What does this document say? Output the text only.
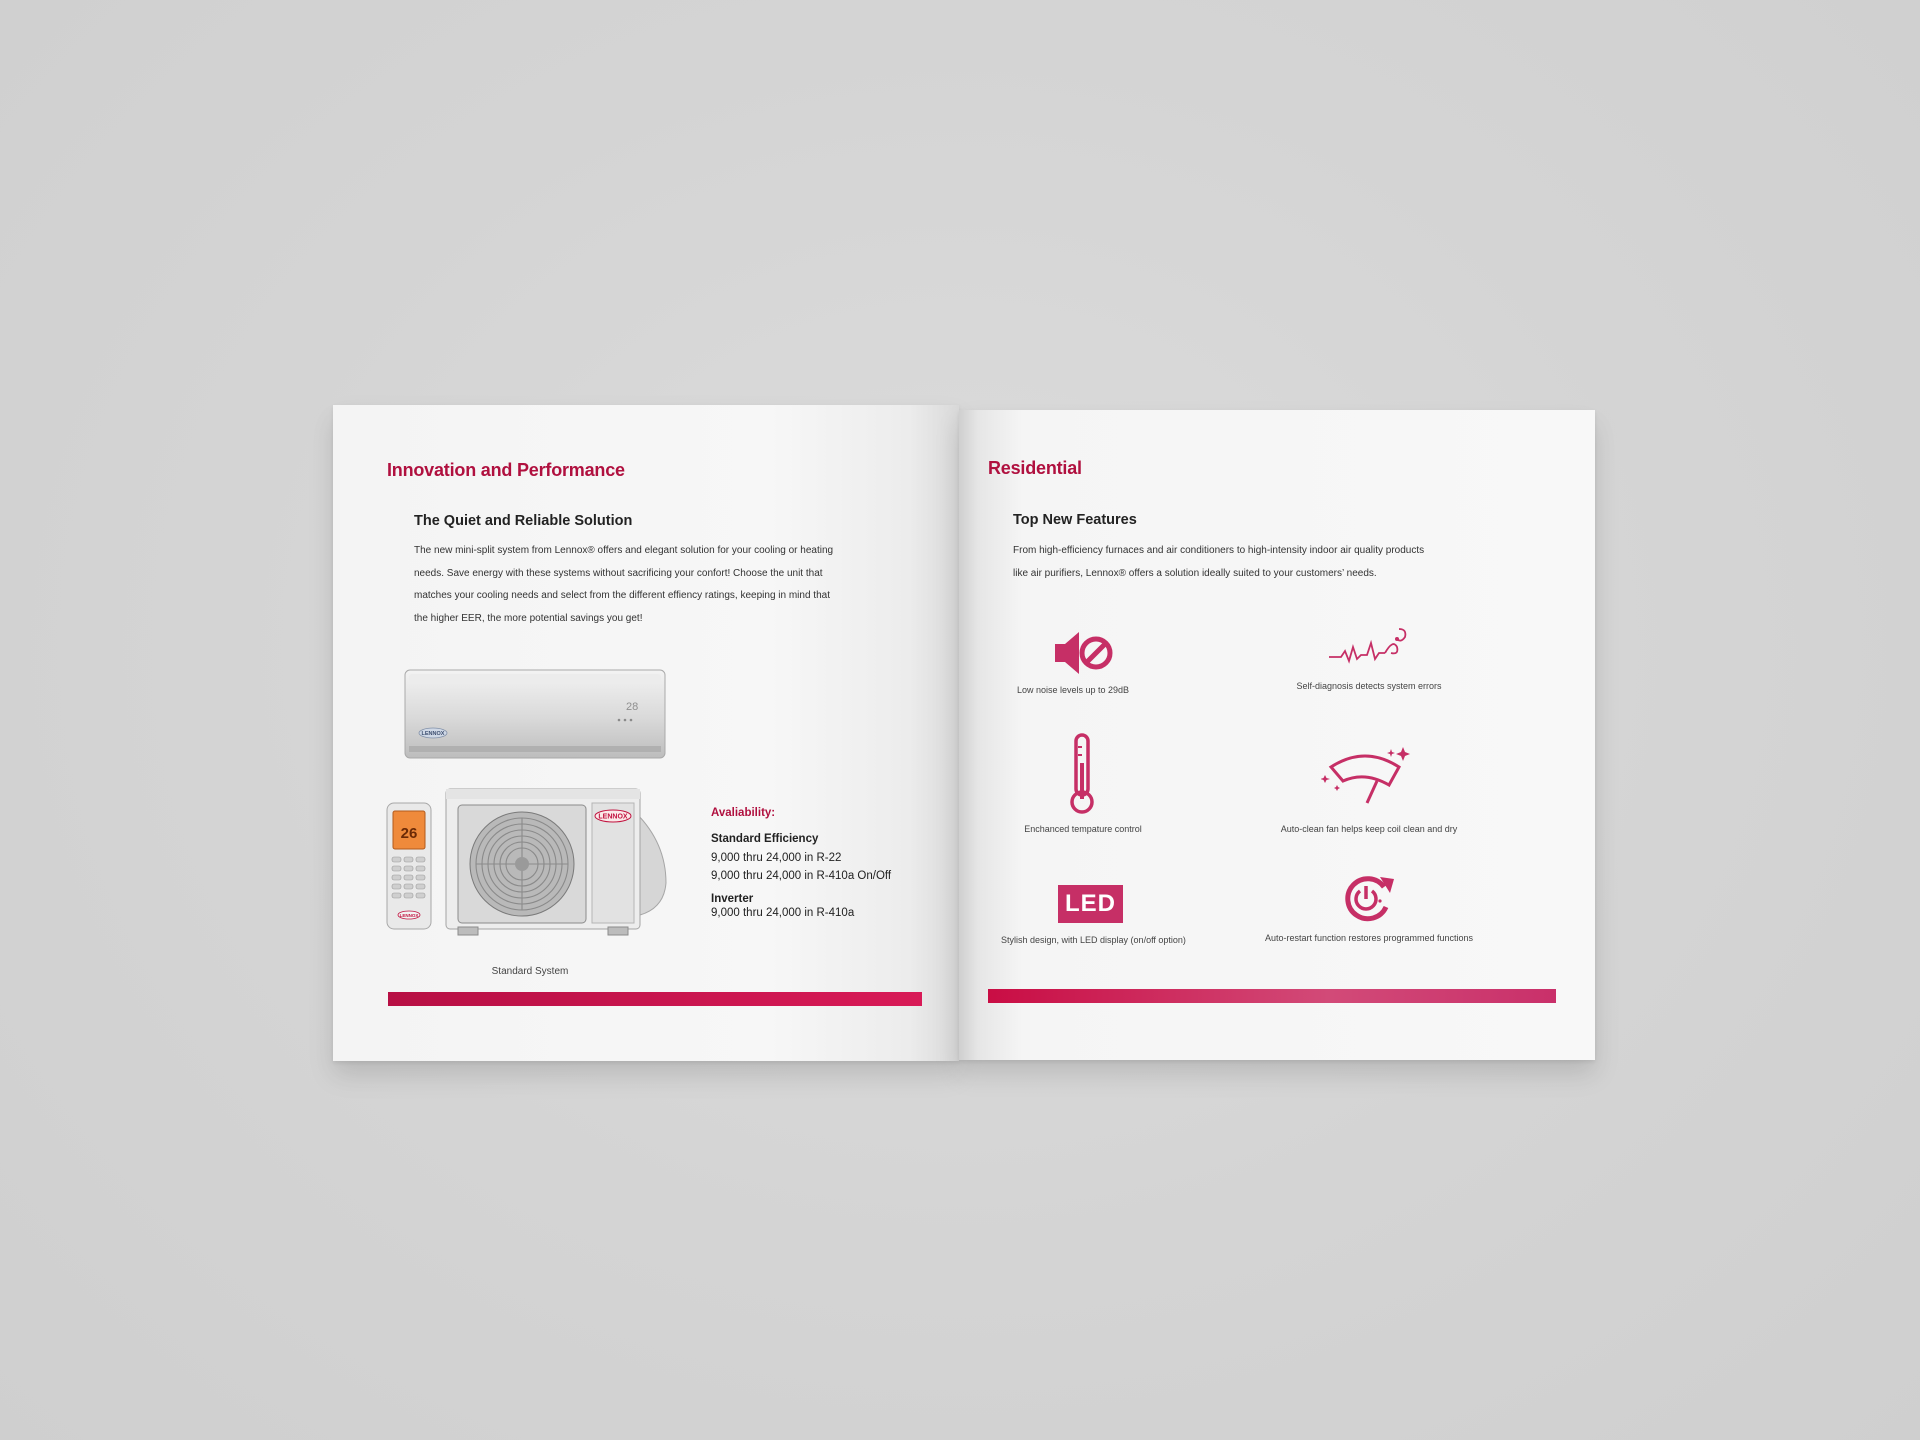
Innovation and Performance
The Quiet and Reliable Solution
The new mini-split system from Lennox® offers and elegant solution for your cooling or heating
needs. Save energy with these systems without sacrificing your confort! Choose the unit that
matches your cooling needs and select from the different effiency ratings, keeping in mind that
the higher EER, the more potential savings you get!
LENNOX
28
26
LENNOX
LENNOX
Standard System
Avaliability:
Standard Efficiency
9,000 thru 24,000 in R-22
9,000 thru 24,000 in R-410a On/Off
Inverter
9,000 thru 24,000 in R-410a
Residential
Top New Features
From high-efficiency furnaces and air conditioners to high-intensity indoor air quality products
like air purifiers, Lennox® offers a solution ideally suited to your customers’ needs.
Low noise levels up to 29dB	Self-diagnosis detects system errors
Enchanced tempature control	Auto-clean fan helps keep coil clean and dry
LED
Stylish design, with LED display (on/off option)	Auto-restart function restores programmed functions
